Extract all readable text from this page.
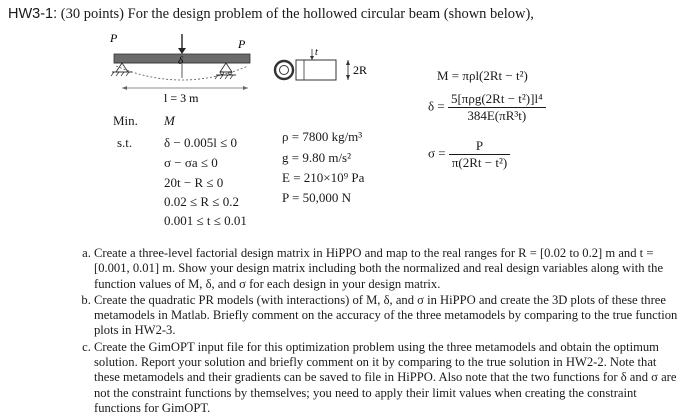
HW3-1: (30 points) For the design problem of the hollowed circular beam (shown below),
P	P
δ
l = 3 m
t
2R
Min. M
s.t. δ − 0.005l ≤ 0
σ − σa ≤ 0
20t − R ≤ 0
0.02 ≤ R ≤ 0.2
0.001 ≤ t ≤ 0.01
ρ = 7800 kg/m³
g = 9.80 m/s²
E = 210×10⁹ Pa
P = 50,000 N
M = πρl(2Rt − t²)
$\delta = \frac{\text{5[πρg(2Rt − t²)]l⁴}}{\text{384E(πR³t)}}$
$\sigma = \frac{P}{\text{π(2Rt − t²)}}$
a. Create a three-level factorial design matrix in HiPPO and map to the real ranges for R = [0.02 to 0.2] m and t = [0.001, 0.01] m. Show your design matrix including both the normalized and real design variables along with the function values of M, δ, and σ for each design in your design matrix.
b. Create the quadratic PR models (with interactions) of M, δ, and σ in HiPPO and create the 3D plots of these three metamodels in Matlab. Briefly comment on the accuracy of the three metamodels by comparing to the true function plots in HW2-3.
c. Create the GimOPT input file for this optimization problem using the three metamodels and obtain the optimum solution. Report your solution and briefly comment on it by comparing to the true solution in HW2-2. Note that these metamodels and their gradients can be saved to file in HiPPO. Also note that the two functions for δ and σ are not the constraint functions by themselves; you need to apply their limit values when creating the constraint functions for GimOPT.
